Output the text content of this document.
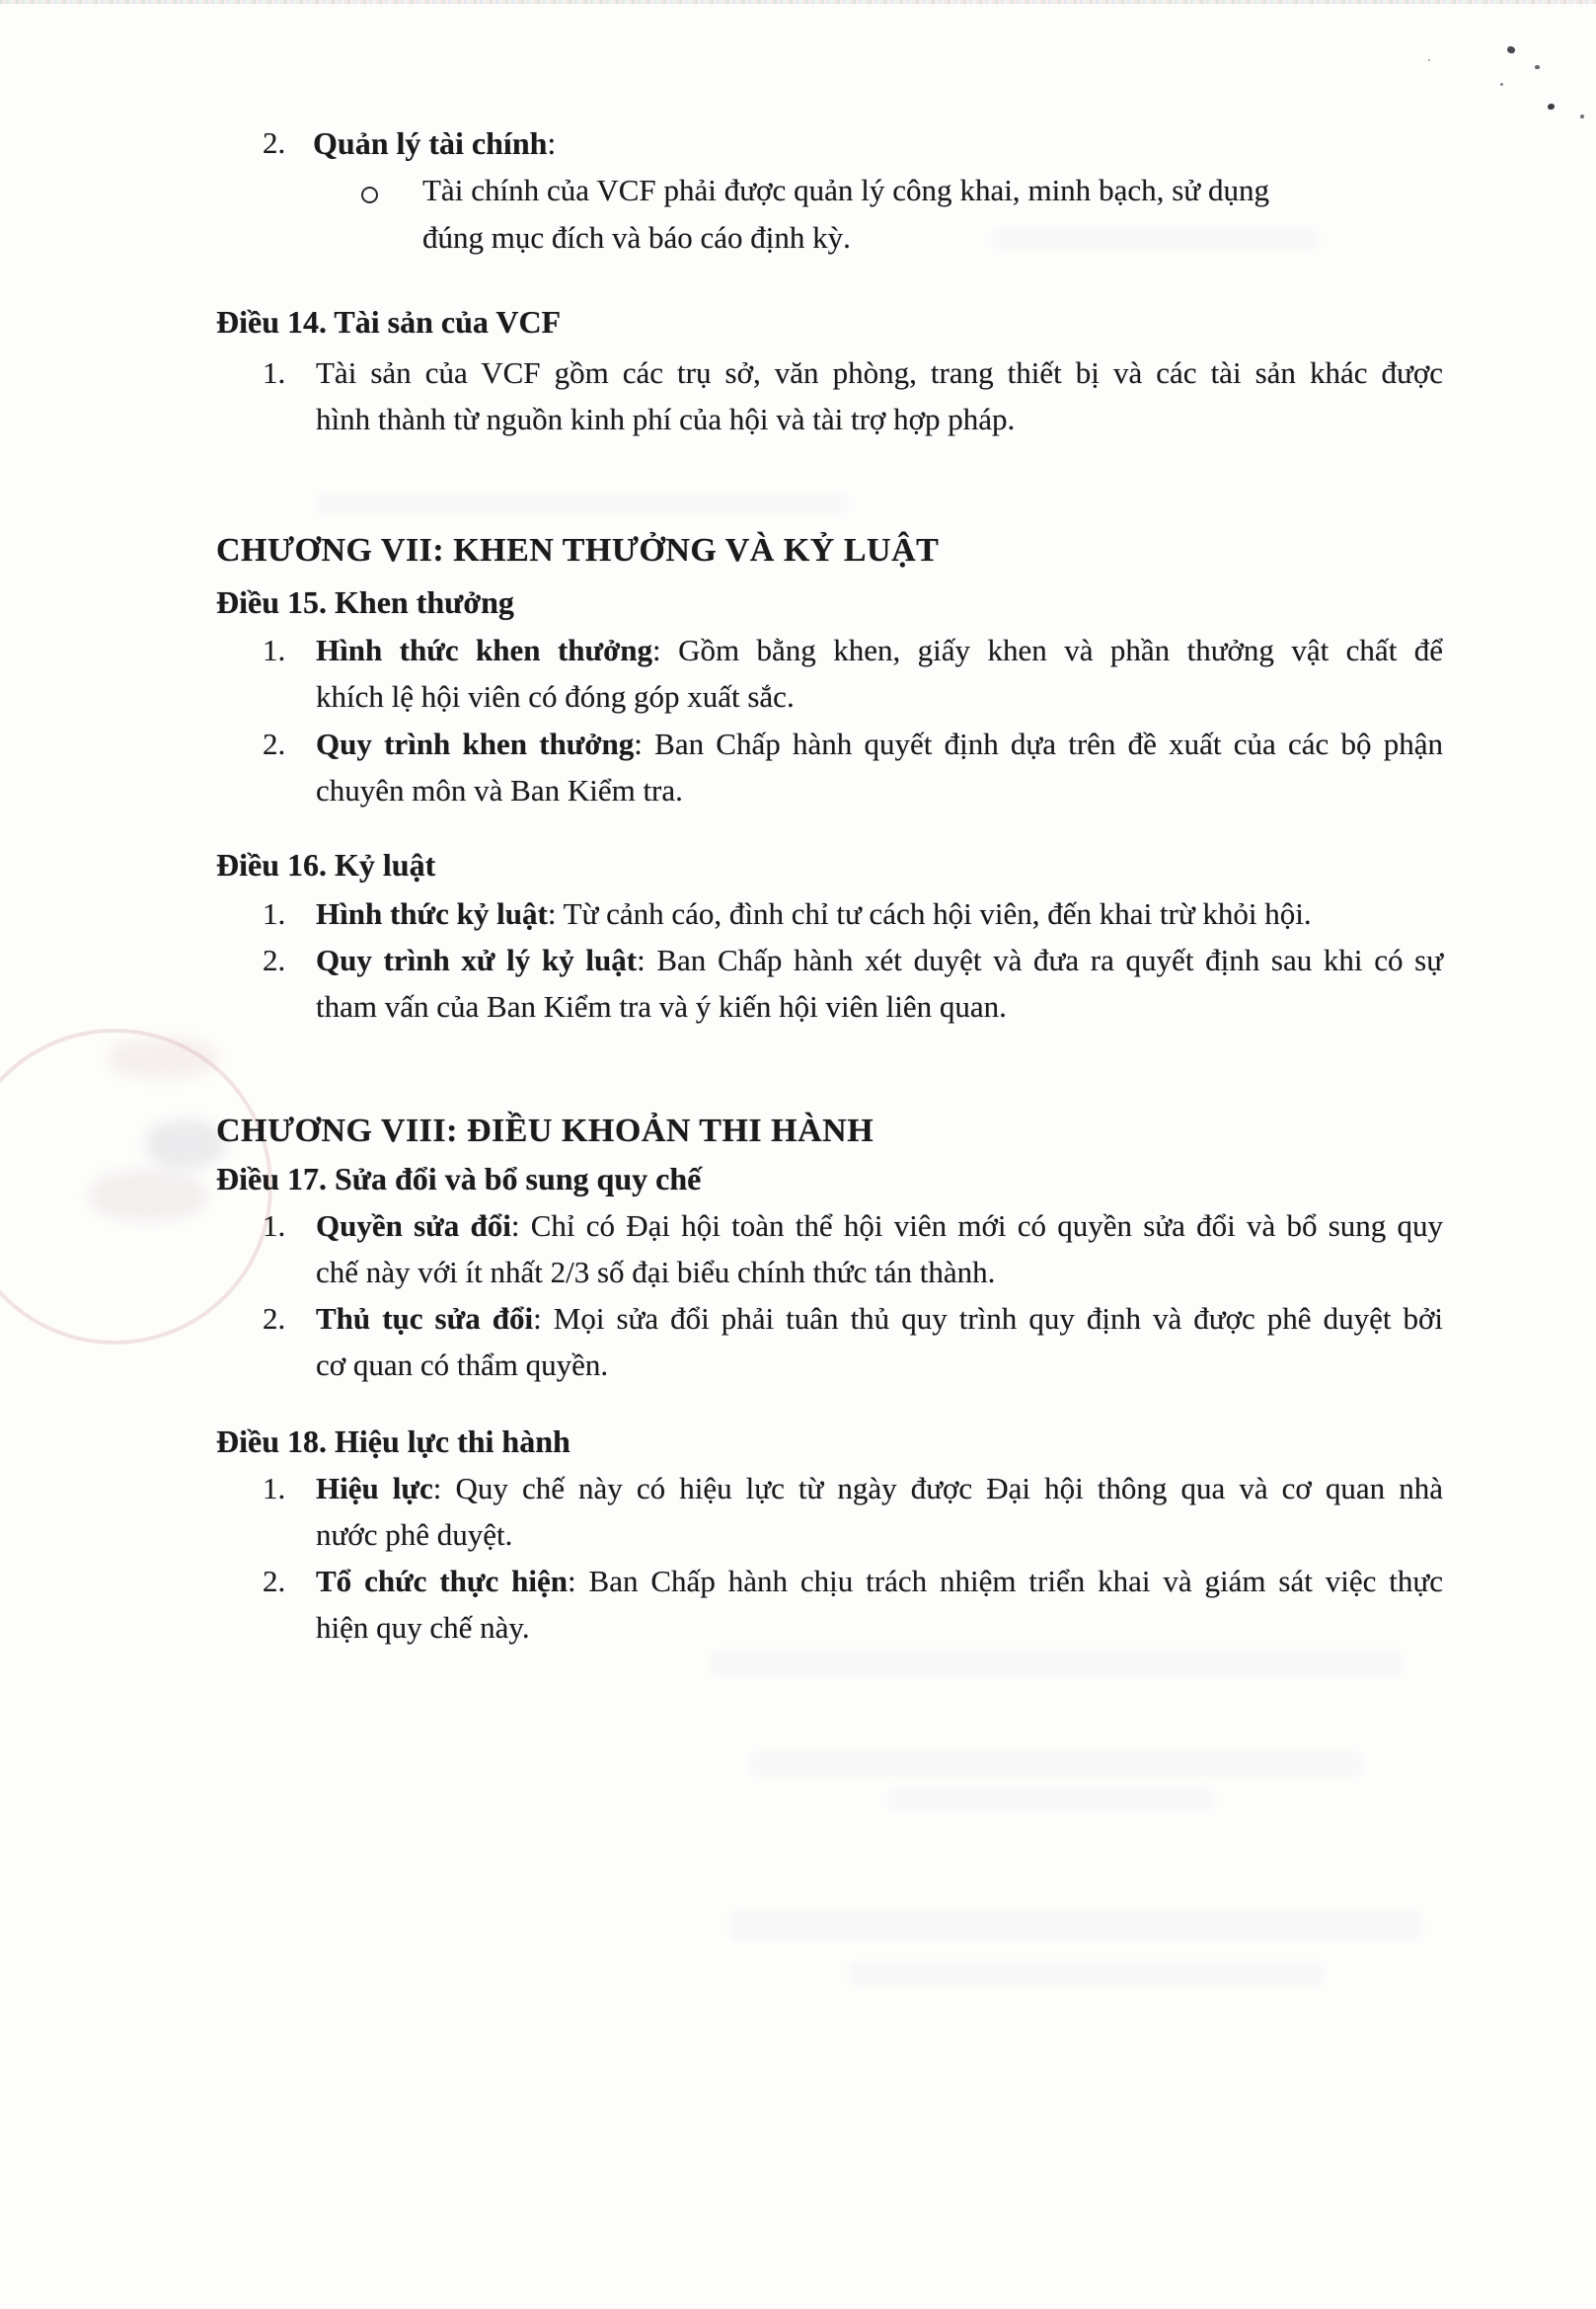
2. Quản lý tài chính:
Tài chính của VCF phải được quản lý công khai, minh bạch, sử dụng
đúng mục đích và báo cáo định kỳ.
Điều 14. Tài sản của VCF
1. Tài sản của VCF gồm các trụ sở, văn phòng, trang thiết bị và các tài sản khác được
hình thành từ nguồn kinh phí của hội và tài trợ hợp pháp.
CHƯƠNG VII: KHEN THƯỞNG VÀ KỶ LUẬT
Điều 15. Khen thưởng
1. Hình thức khen thưởng: Gồm bằng khen, giấy khen và phần thưởng vật chất để
khích lệ hội viên có đóng góp xuất sắc.
2. Quy trình khen thưởng: Ban Chấp hành quyết định dựa trên đề xuất của các bộ phận
chuyên môn và Ban Kiểm tra.
Điều 16. Kỷ luật
1. Hình thức kỷ luật: Từ cảnh cáo, đình chỉ tư cách hội viên, đến khai trừ khỏi hội.
2. Quy trình xử lý kỷ luật: Ban Chấp hành xét duyệt và đưa ra quyết định sau khi có sự
tham vấn của Ban Kiểm tra và ý kiến hội viên liên quan.
CHƯƠNG VIII: ĐIỀU KHOẢN THI HÀNH
Điều 17. Sửa đổi và bổ sung quy chế
1. Quyền sửa đổi: Chỉ có Đại hội toàn thể hội viên mới có quyền sửa đổi và bổ sung quy
chế này với ít nhất 2/3 số đại biểu chính thức tán thành.
2. Thủ tục sửa đổi: Mọi sửa đổi phải tuân thủ quy trình quy định và được phê duyệt bởi
cơ quan có thẩm quyền.
Điều 18. Hiệu lực thi hành
1. Hiệu lực: Quy chế này có hiệu lực từ ngày được Đại hội thông qua và cơ quan nhà
nước phê duyệt.
2. Tổ chức thực hiện: Ban Chấp hành chịu trách nhiệm triển khai và giám sát việc thực
hiện quy chế này.
